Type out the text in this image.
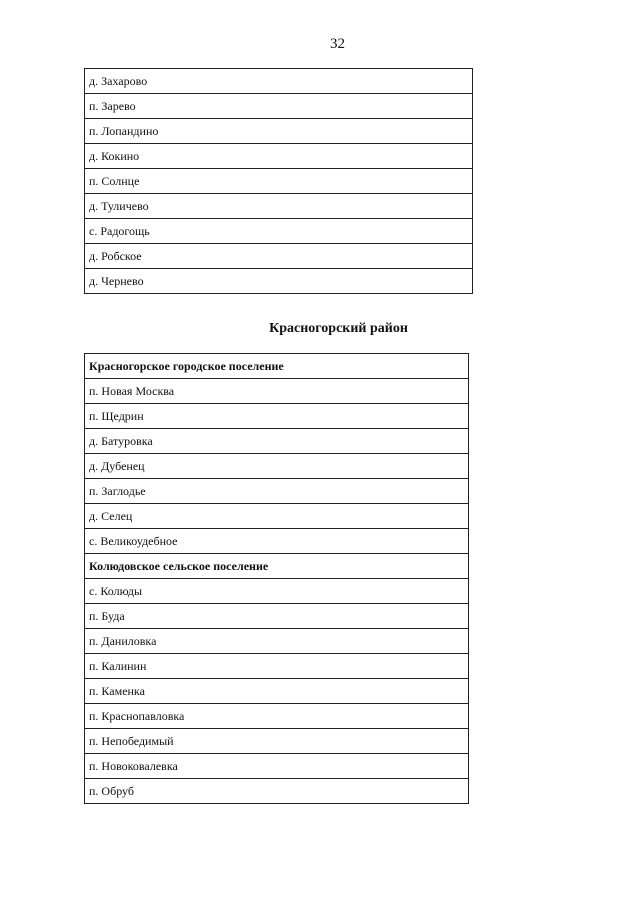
32
д. Захарово
п. Зарево
п. Лопандино
д. Кокино
п. Солнце
д. Туличево
с. Радогощь
д. Робское
д. Чернево
Красногорский район
Красногорское городское поселение
п. Новая Москва
п. Щедрин
д. Батуровка
д. Дубенец
п. Заглодье
д. Селец
с. Великоудебное
Колюдовское сельское поселение
с. Колюды
п. Буда
п. Даниловка
п. Калинин
п. Каменка
п. Краснопавловка
п. Непобедимый
п. Новоковалевка
п. Обруб
